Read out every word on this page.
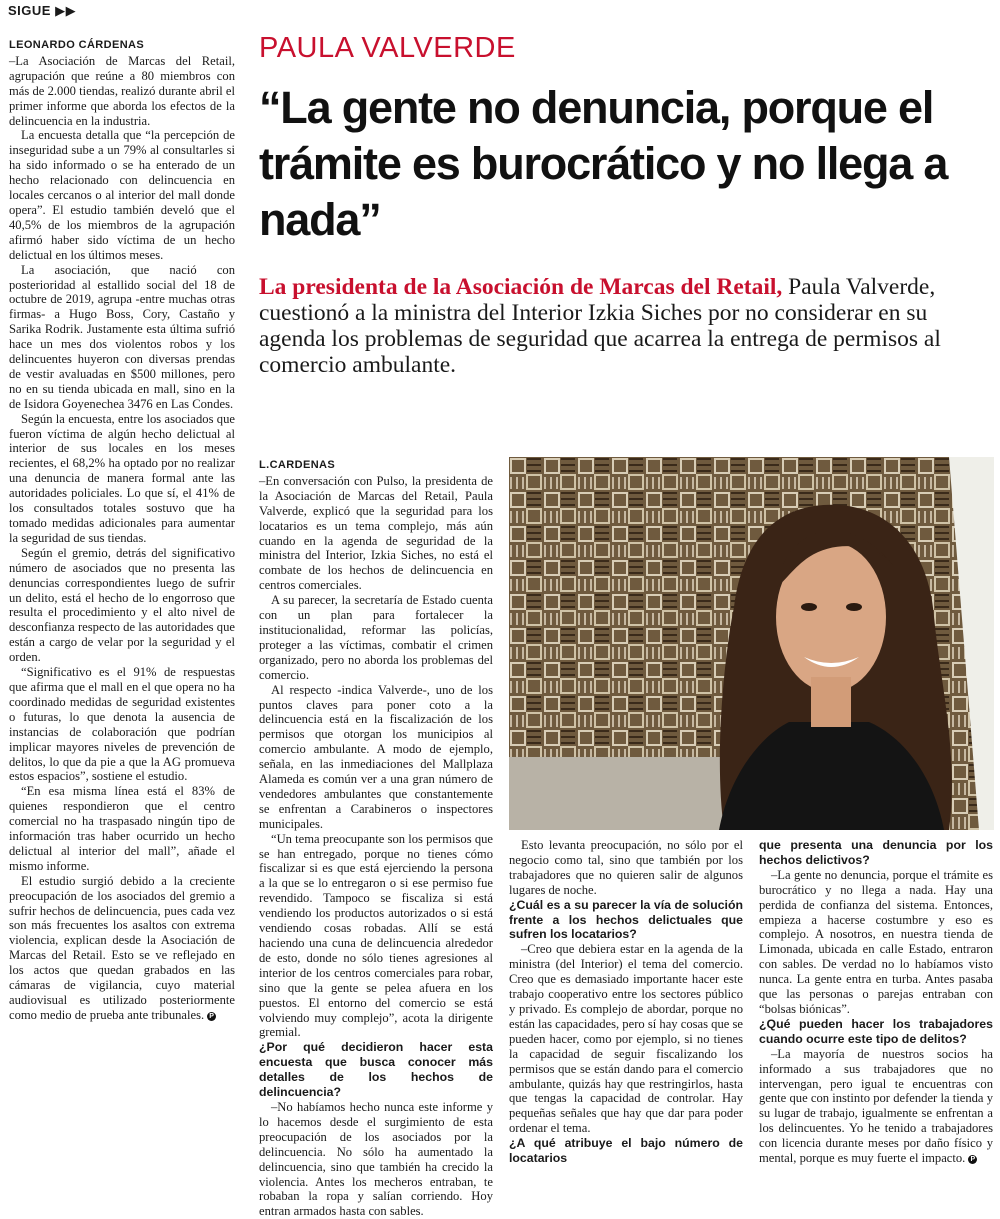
SIGUE ▶▶
LEONARDO CÁRDENAS

–La Asociación de Marcas del Retail, agrupación que reúne a 80 miembros con más de 2.000 tiendas, realizó durante abril el primer informe que aborda los efectos de la delincuencia en la industria.

La encuesta detalla que “la percepción de inseguridad sube a un 79% al consultarles si ha sido informado o se ha enterado de un hecho relacionado con delincuencia en locales cercanos o al interior del mall donde opera”. El estudio también develó que el 40,5% de los miembros de la agrupación afirmó haber sido víctima de un hecho delictual en los últimos meses.

La asociación, que nació con posterioridad al estallido social del 18 de octubre de 2019, agrupa -entre muchas otras firmas- a Hugo Boss, Cory, Castaño y Sarika Rodrik. Justamente esta última sufrió hace un mes dos violentos robos y los delincuentes huyeron con diversas prendas de vestir avaluadas en $500 millones, pero no en su tienda ubicada en mall, sino en la de Isidora Goyenechea 3476 en Las Condes.

Según la encuesta, entre los asociados que fueron víctima de algún hecho delictual al interior de sus locales en los meses recientes, el 68,2% ha optado por no realizar una denuncia de manera formal ante las autoridades policiales. Lo que sí, el 41% de los consultados totales sostuvo que ha tomado medidas adicionales para aumentar la seguridad de sus tiendas.

Según el gremio, detrás del significativo número de asociados que no presenta las denuncias correspondientes luego de sufrir un delito, está el hecho de lo engorroso que resulta el procedimiento y el alto nivel de desconfianza respecto de las autoridades que están a cargo de velar por la seguridad y el orden.

“Significativo es el 91% de respuestas que afirma que el mall en el que opera no ha coordinado medidas de seguridad existentes o futuras, lo que denota la ausencia de instancias de colaboración que podrían implicar mayores niveles de prevención de delitos, lo que da pie a que la AG promueva estos espacios”, sostiene el estudio.

“En esa misma línea está el 83% de quienes respondieron que el centro comercial no ha traspasado ningún tipo de información tras haber ocurrido un hecho delictual al interior del mall”, añade el mismo informe.

El estudio surgió debido a la creciente preocupación de los asociados del gremio a sufrir hechos de delincuencia, pues cada vez son más frecuentes los asaltos con extrema violencia, explican desde la Asociación de Marcas del Retail. Esto se ve reflejado en los actos que quedan grabados en las cámaras de vigilancia, cuyo material audiovisual es utilizado posteriormente como medio de prueba ante tribunales. P

PAULA VALVERDE
“La gente no denuncia, porque el trámite es burocrático y no llega a nada”
La presidenta de la Asociación de Marcas del Retail, Paula Valverde, cuestionó a la ministra del Interior Izkia Siches por no considerar en su agenda los problemas de seguridad que acarrea la entrega de permisos al comercio ambulante.
L.CARDENAS

–En conversación con Pulso, la presidenta de la Asociación de Marcas del Retail, Paula Valverde, explicó que la seguridad para los locatarios es un tema complejo, más aún cuando en la agenda de seguridad de la ministra del Interior, Izkia Siches, no está el combate de los hechos de delincuencia en centros comerciales.

A su parecer, la secretaría de Estado cuenta con un plan para fortalecer la institucionalidad, reformar las policías, proteger a las víctimas, combatir el crimen organizado, pero no aborda los problemas del comercio.

Al respecto -indica Valverde-, uno de los puntos claves para poner coto a la delincuencia está en la fiscalización de los permisos que otorgan los municipios al comercio ambulante. A modo de ejemplo, señala, en las inmediaciones del Mallplaza Alameda es común ver a una gran número de vendedores ambulantes que constantemente se enfrentan a Carabineros o inspectores municipales.

“Un tema preocupante son los permisos que se han entregado, porque no tienes cómo fiscalizar si es que está ejerciendo la persona a la que se lo entregaron o si ese permiso fue revendido. Tampoco se fiscaliza si está vendiendo los productos autorizados o si está vendiendo cosas robadas. Allí se está haciendo una cuna de delincuencia alrededor de esto, donde no sólo tienes agresiones al interior de los centros comerciales para robar, sino que la gente se pelea afuera en los puestos. El entorno del comercio se está volviendo muy complejo”, acota la dirigente gremial.

¿Por qué decidieron hacer esta encuesta que busca conocer más detalles de los hechos de delincuencia?

–No habíamos hecho nunca este informe y lo hacemos desde el surgimiento de esta preocupación de los asociados por la delincuencia. No sólo ha aumentado la delincuencia, sino que también ha crecido la violencia. Antes los mecheros entraban, te robaban la ropa y salían corriendo. Hoy entran armados hasta con sables.

Esto levanta preocupación, no sólo por el negocio como tal, sino que también por los trabajadores que no quieren salir de algunos lugares de noche.

¿Cuál es a su parecer la vía de solución frente a los hechos delictuales que sufren los locatarios?

–Creo que debiera estar en la agenda de la ministra (del Interior) el tema del comercio. Creo que es demasiado importante hacer este trabajo cooperativo entre los sectores público y privado. Es complejo de abordar, porque no están las capacidades, pero sí hay cosas que se pueden hacer, como por ejemplo, si no tienes la capacidad de seguir fiscalizando los permisos que se están dando para el comercio ambulante, quizás hay que restringirlos, hasta que tengas la capacidad de controlar. Hay pequeñas señales que hay que dar para poder ordenar el tema.

¿A qué atribuye el bajo número de locatarios

que presenta una denuncia por los hechos delictivos?

–La gente no denuncia, porque el trámite es burocrático y no llega a nada. Hay una perdida de confianza del sistema. Entonces, empieza a hacerse costumbre y eso es complejo. A nosotros, en nuestra tienda de Limonada, ubicada en calle Estado, entraron con sables. De verdad no lo habíamos visto nunca. La gente entra en turba. Antes pasaba que las personas o parejas entraban con “bolsas biónicas”.

¿Qué pueden hacer los trabajadores cuando ocurre este tipo de delitos?

–La mayoría de nuestros socios ha informado a sus trabajadores que no intervengan, pero igual te encuentras con gente que con instinto por defender la tienda y su lugar de trabajo, igualmente se enfrentan a los delincuentes. Yo he tenido a trabajadores con licencia durante meses por daño físico y mental, porque es muy fuerte el impacto. P
